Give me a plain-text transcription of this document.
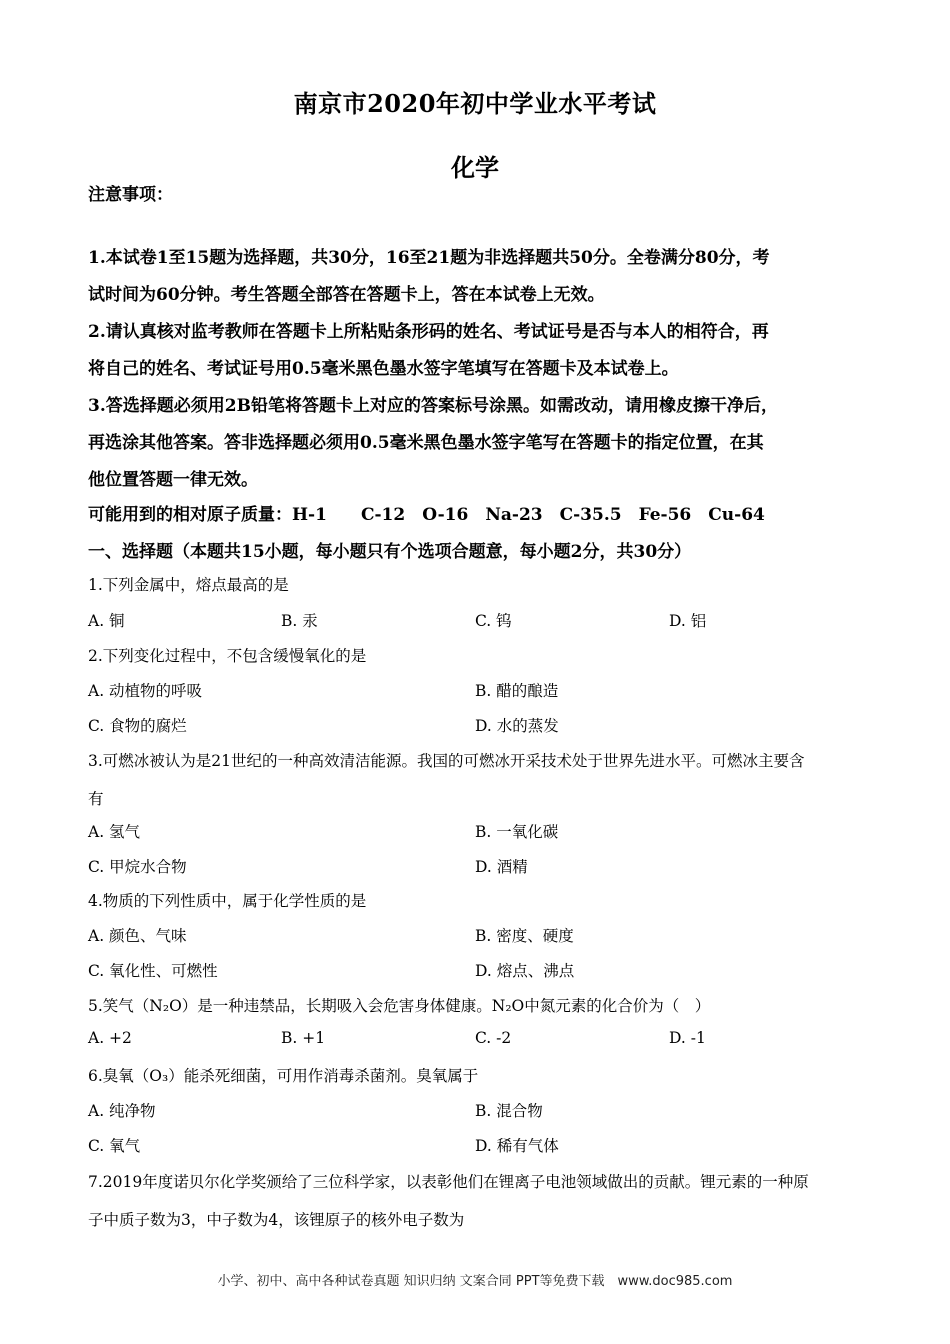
南京市2020年初中学业水平考试
化学
注意事项：
1.本试卷1至15题为选择题，共30分，16至21题为非选择题共50分。全卷满分80分，考
试时间为60分钟。考生答题全部答在答题卡上，答在本试卷上无效。
2.请认真核对监考教师在答题卡上所粘贴条形码的姓名、考试证号是否与本人的相符合，再
将自己的姓名、考试证号用0.5毫米黑色墨水签字笔填写在答题卡及本试卷上。
3.答选择题必须用2B铅笔将答题卡上对应的答案标号涂黑。如需改动，请用橡皮擦干净后，
再选涂其他答案。答非选择题必须用0.5毫米黑色墨水签字笔写在答题卡的指定位置，在其
他位置答题一律无效。
可能用到的相对原子质量：H-1　　C-12　O-16　Na-23　C-35.5　Fe-56　Cu-64
一、选择题（本题共15小题，每小题只有个选项合题意，每小题2分，共30分）
1.下列金属中，熔点最高的是
A. 铜	B. 汞	C. 钨	D. 铝
2.下列变化过程中，不包含缓慢氧化的是
A. 动植物的呼吸	B. 醋的酿造
C. 食物的腐烂	D. 水的蒸发
3.可燃冰被认为是21世纪的一种高效清洁能源。我国的可燃冰开采技术处于世界先进水平。可燃冰主要含
有
A. 氢气	B. 一氧化碳
C. 甲烷水合物	D. 酒精
4.物质的下列性质中，属于化学性质的是
A. 颜色、气味	B. 密度、硬度
C. 氧化性、可燃性	D. 熔点、沸点
5.笑气（N₂O）是一种违禁品，长期吸入会危害身体健康。N₂O中氮元素的化合价为（　）
A. +2	B. +1	C. -2	D. -1
6.臭氧（O₃）能杀死细菌，可用作消毒杀菌剂。臭氧属于
A. 纯净物	B. 混合物
C. 氧气	D. 稀有气体
7.2019年度诺贝尔化学奖颁给了三位科学家，以表彰他们在锂离子电池领域做出的贡献。锂元素的一种原
子中质子数为3，中子数为4，该锂原子的核外电子数为
小学、初中、高中各种试卷真题 知识归纳 文案合同 PPT等免费下载　www.doc985.com
